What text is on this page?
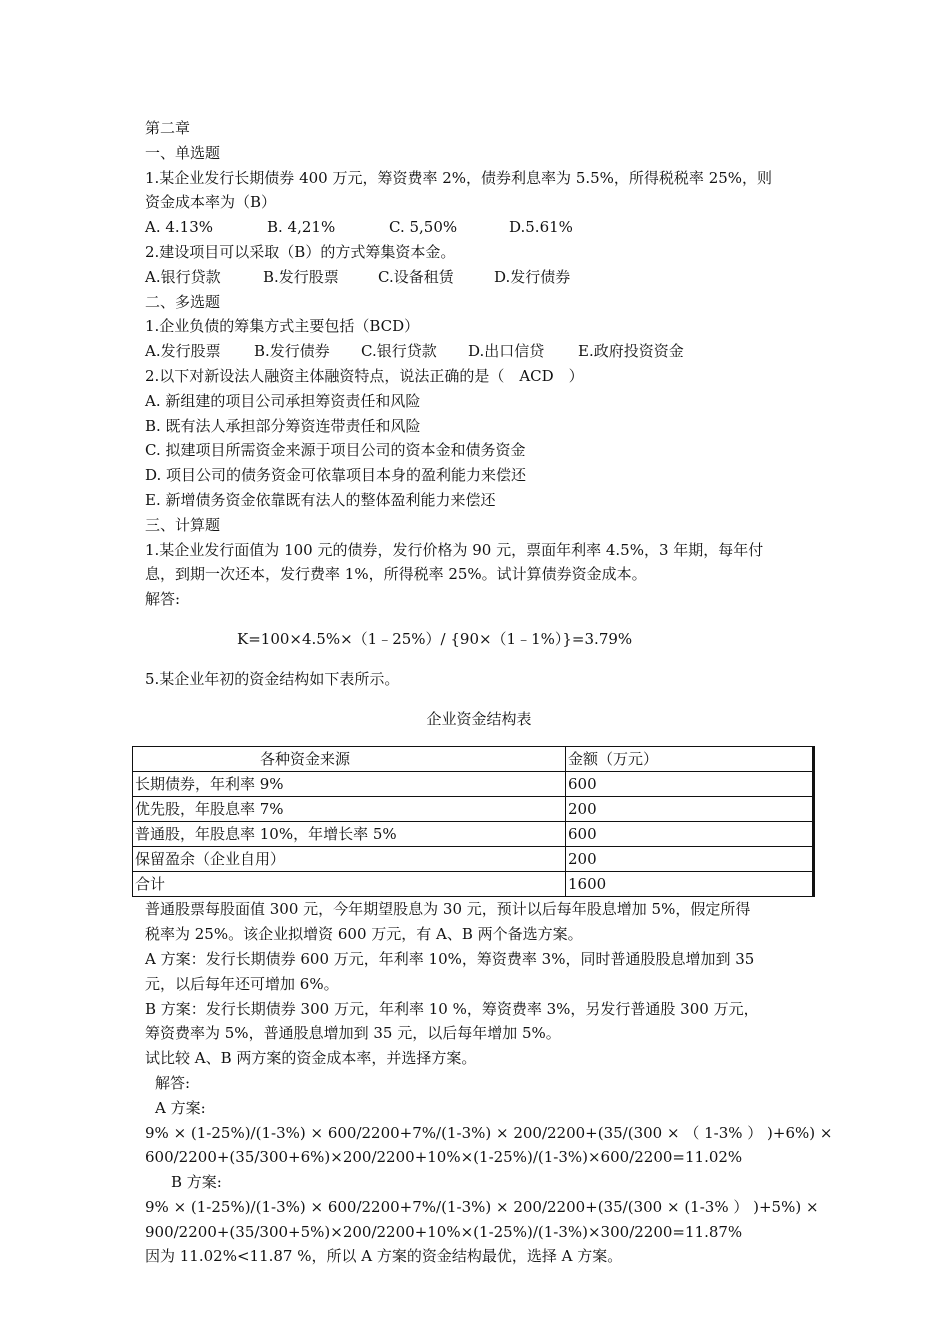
第二章

一、单选题

1.某企业发行长期债券 400 万元，筹资费率 2%，债券利息率为 5.5%，所得税税率 25%，则

资金成本率为（B）

A. 4.13%	B. 4,21%	C. 5,50%	D.5.61%

2.建设项目可以采取（B）的方式筹集资本金。

A.银行贷款	B.发行股票	C.设备租赁	D.发行债券

二、多选题

1.企业负债的筹集方式主要包括（BCD）

A.发行股票	B.发行债券	C.银行贷款	D.出口信贷	E.政府投资资金

2.以下对新设法人融资主体融资特点，说法正确的是（　ACD　）

A. 新组建的项目公司承担筹资责任和风险

B. 既有法人承担部分筹资连带责任和风险

C. 拟建项目所需资金来源于项目公司的资本金和债务资金

D. 项目公司的债务资金可依靠项目本身的盈利能力来偿还

E. 新增债务资金依靠既有法人的整体盈利能力来偿还

三、计算题

1.某企业发行面值为 100 元的债券，发行价格为 90 元，票面年利率 4.5%，3 年期，每年付

息，到期一次还本，发行费率 1%，所得税率 25%。试计算债券资金成本。

解答:

K=100×4.5%×（1﹣25%）/ {90×（1﹣1%）}=3.79%

5.某企业年初的资金结构如下表所示。

企业资金结构表

各种资金来源	金额（万元）
长期债券，年利率 9%	600
优先股，年股息率 7%	200
普通股，年股息率 10%，年增长率 5%	600
保留盈余（企业自用）	200
合计	1600

普通股票每股面值 300 元，今年期望股息为 30 元，预计以后每年股息增加 5%，假定所得

税率为 25%。该企业拟增资 600 万元，有 A、B 两个备选方案。

A 方案：发行长期债券 600 万元，年利率 10%，筹资费率 3%，同时普通股股息增加到 35

元，以后每年还可增加 6%。

B 方案：发行长期债券 300 万元，年利率 10 %，筹资费率 3%，另发行普通股 300 万元，

筹资费率为 5%，普通股息增加到 35 元，以后每年增加 5%。

试比较 A、B 两方案的资金成本率，并选择方案。

解答:

A 方案:

9% × (1-25%)/(1-3%) × 600/2200+7%/(1-3%) × 200/2200+(35/(300 × （ 1-3% ） )+6%) ×

600/2200+(35/300+6%)×200/2200+10%×(1-25%)/(1-3%)×600/2200=11.02%

B 方案:

9% × (1-25%)/(1-3%) × 600/2200+7%/(1-3%) × 200/2200+(35/(300 × (1-3% ） )+5%) ×

900/2200+(35/300+5%)×200/2200+10%×(1-25%)/(1-3%)×300/2200=11.87%

因为 11.02%<11.87 %，所以 A 方案的资金结构最优，选择 A 方案。
